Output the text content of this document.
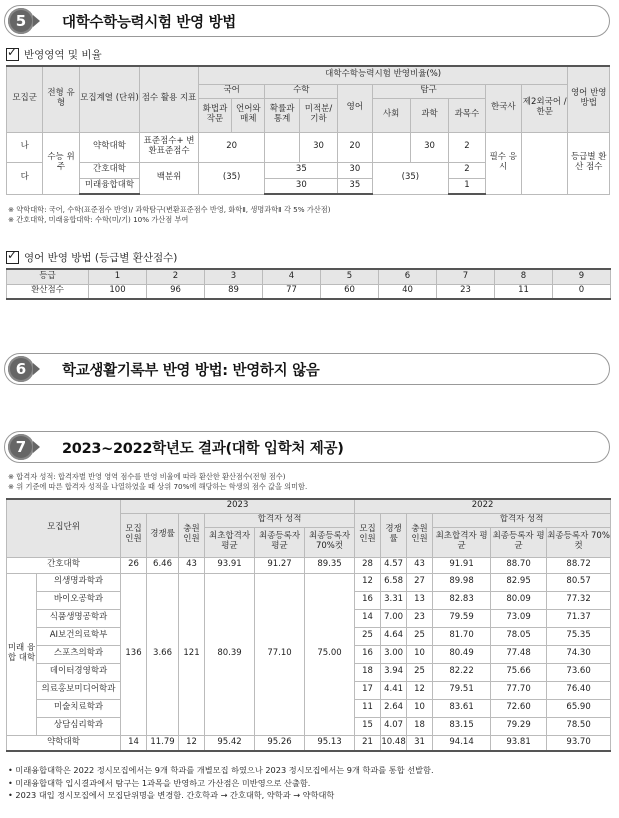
5	대학수학능력시험 반영 방법
✓
반영영역 및 비율
모집군	전형 유형	모집계열 (단위)	점수 활용 지표	대학수학능력시험 반영비율(%)										영어 반영 방법
				국어		수학		영어	탐구			한국사	제2외국어 /한문	
				화법과 작문	언어와 매체	확률과 통계	미적분/ 기하		사회	과학	과목수			
나	수능 위주	약학대학	표준점수+ 변환표준점수	20			30	20		30	2	필수 응시		등급별 환산 점수
다		간호대학	백분위	(35)		35		30	(35)		2			
		미래융합대학				30		35			1			
※ 약학대학: 국어, 수학(표준점수 반영)/ 과학탐구(변환표준점수 반영, 화학Ⅱ, 생명과학Ⅱ 각 5% 가산점)
※ 간호대학, 미래융합대학: 수학(미/기) 10% 가산점 부여
✓
영어 반영 방법 (등급별 환산점수)
등급	1	2	3	4	5	6	7	8	9
환산점수	100	96	89	77	60	40	23	11	0
6	학교생활기록부 반영 방법: 반영하지 않음
7	2023~2022학년도 결과(대학 입학처 제공)
※ 합격자 성적: 합격자별 반영 영역 점수를 반영 비율에 따라 환산한 환산점수(전형 점수)
※ 위 기준에 따른 합격자 성적을 나열하였을 때 상위 70%에 해당하는 학생의 점수 값을 의미함.
모집단위		2023						2022					
		모집 인원	경쟁률	충원 인원	합격자 성적			모집 인원	경쟁 률	충원 인원	합격자 성적		
					최초합격자 평균	최종등록자 평균	최종등록자 70%컷				최초합격자 평균	최종등록자 평균	최종등록자 70%컷
간호대학		26	6.46	43	93.91	91.27	89.35	28	4.57	43	91.91	88.70	88.72
미래 융합 대학	의생명과학과	136	3.66	121	80.39	77.10	75.00	12	6.58	27	89.98	82.95	80.57
	바이오공학과							16	3.31	13	82.83	80.09	77.32
	식품생명공학과							14	7.00	23	79.59	73.09	71.37
	AI보건의료학부							25	4.64	25	81.70	78.05	75.35
	스포츠의학과							16	3.00	10	80.49	77.48	74.30
	데이터경영학과							18	3.94	25	82.22	75.66	73.60
	의료홍보미디어학과							17	4.41	12	79.51	77.70	76.40
	미술치료학과							11	2.64	10	83.61	72.60	65.90
	상담심리학과							15	4.07	18	83.15	79.29	78.50
약학대학		14	11.79	12	95.42	95.26	95.13	21	10.48	31	94.14	93.81	93.70
• 미래융합대학은 2022 정시모집에서는 9개 학과를 개별모집 하였으나 2023 정시모집에서는 9개 학과를 통합 선발함.
• 미래융합대학 입시결과에서 탐구는 1과목을 반영하고 가산점은 미반영으로 산출함.
• 2023 대입 정시모집에서 모집단위명을 변경함. 간호학과 → 간호대학, 약학과 → 약학대학
